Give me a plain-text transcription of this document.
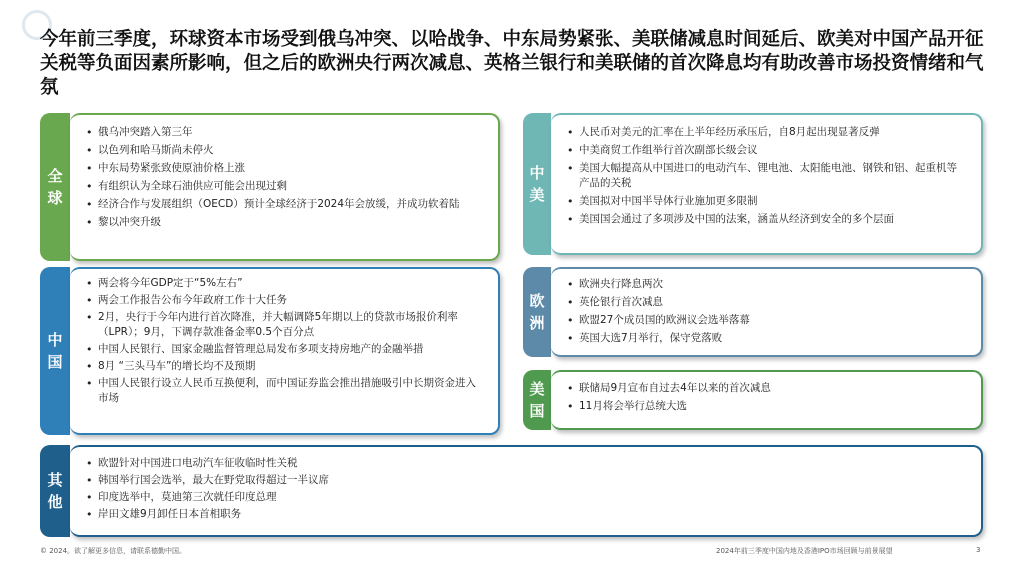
今年前三季度，环球资本市场受到俄乌冲突、以哈战争、中东局势紧张、美联储减息时间延后、欧美对中国产品开征关税等负面因素所影响，但之后的欧洲央行两次减息、英格兰银行和美联储的首次降息均有助改善市场投资情绪和气氛
全球
• 俄乌冲突踏入第三年
• 以色列和哈马斯尚未停火
• 中东局势紧张致使原油价格上涨
• 有组织认为全球石油供应可能会出现过剩
• 经济合作与发展组织（OECD）预计全球经济于2024年会放缓，并成功软着陆
• 黎以冲突升级
中美
• 人民币对美元的汇率在上半年经历承压后，自8月起出现显著反弹
• 中美商贸工作组举行首次副部长级会议
• 美国大幅提高从中国进口的电动汽车、锂电池、太阳能电池、钢铁和铝、起重机等产品的关税
• 美国拟对中国半导体行业施加更多限制
• 美国国会通过了多项涉及中国的法案，涵盖从经济到安全的多个层面
中国
• 两会将今年GDP定于“5%左右”
• 两会工作报告公布今年政府工作十大任务
• 2月，央行于今年内进行首次降准，并大幅调降5年期以上的贷款市场报价利率（LPR）；9月，下调存款准备金率0.5个百分点
• 中国人民银行、国家金融监督管理总局发布多项支持房地产的金融举措
• 8月 “三头马车”的增长均不及预期
• 中国人民银行设立人民币互换便利，而中国证券监会推出措施吸引中长期资金进入市场
欧洲
• 欧洲央行降息两次
• 英伦银行首次减息
• 欧盟27个成员国的欧洲议会选举落幕
• 英国大选7月举行，保守党落败
美国
• 联储局9月宣布自过去4年以来的首次减息
• 11月将会举行总统大选
其他
• 欧盟针对中国进口电动汽车征收临时性关税
• 韩国举行国会选举，最大在野党取得超过一半议席
• 印度选举中，莫迪第三次就任印度总理
• 岸田文雄9月卸任日本首相职务
© 2024。欲了解更多信息，请联系德勤中国。	2024年前三季度中国内地及香港IPO市场回顾与前景展望	3
